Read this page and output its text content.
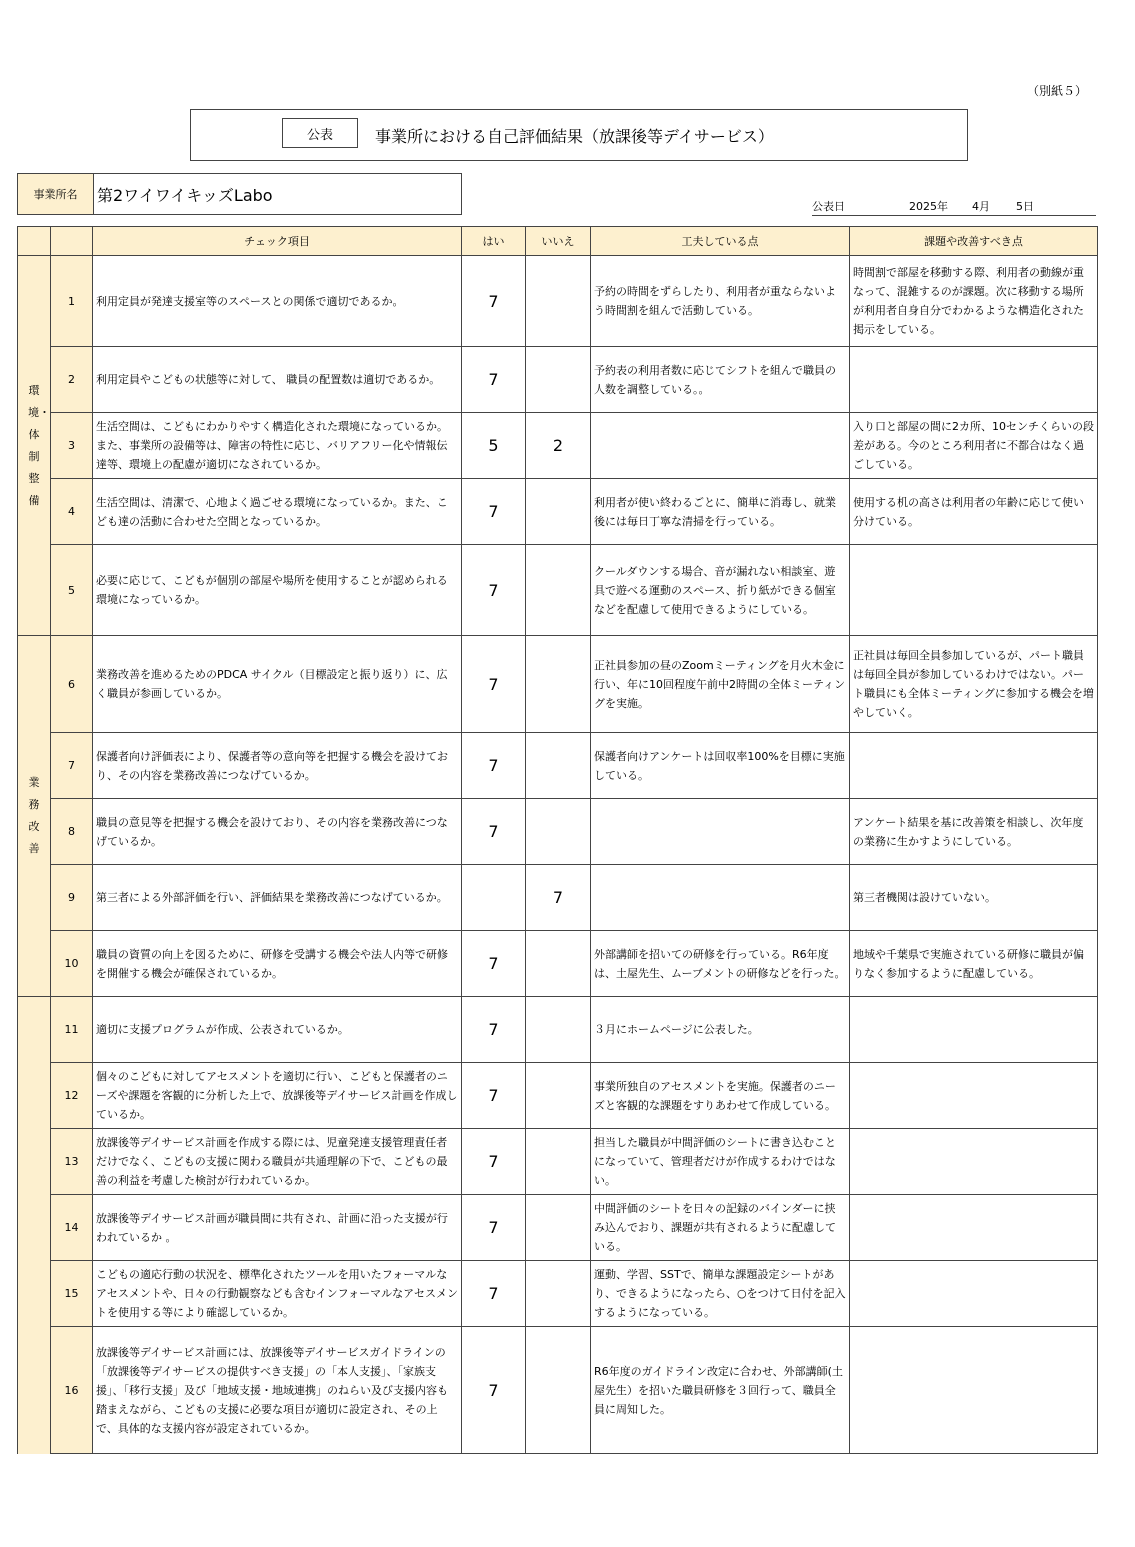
（別紙５）
公表	事業所における自己評価結果（放課後等デイサービス）
事業所名	第2ワイワイキッズLabo
公表日	2025年 4月 5日
		チェック項目	はい	いいえ	工夫している点	課題や改善すべき点
環境・体制整備	1	利用定員が発達支援室等のスペースとの関係で適切であるか。	7		予約の時間をずらしたり、利用者が重ならないよう時間割を組んで活動している。	時間割で部屋を移動する際、利用者の動線が重なって、混雑するのが課題。次に移動する場所が利用者自身自分でわかるような構造化された掲示をしている。
	2	利用定員やこどもの状態等に対して、 職員の配置数は適切であるか。	7		予約表の利用者数に応じてシフトを組んで職員の人数を調整している。。	
	3	生活空間は、こどもにわかりやすく構造化された環境になっているか。また、事業所の設備等は、障害の特性に応じ、バリアフリー化や情報伝達等、環境上の配慮が適切になされているか。	5	2		入り口と部屋の間に2カ所、10センチくらいの段差がある。今のところ利用者に不都合はなく過ごしている。
	4	生活空間は、清潔で、心地よく過ごせる環境になっているか。また、こども達の活動に合わせた空間となっているか。	7		利用者が使い終わるごとに、簡単に消毒し、就業後には毎日丁寧な清掃を行っている。	使用する机の高さは利用者の年齢に応じて使い分けている。
	5	必要に応じて、こどもが個別の部屋や場所を使用することが認められる環境になっているか。	7		クールダウンする場合、音が漏れない相談室、遊具で遊べる運動のスペース、折り紙ができる個室などを配慮して使用できるようにしている。	
業務改善	6	業務改善を進めるためのPDCA サイクル（目標設定と振り返り）に、広く職員が参画しているか。	7		正社員参加の昼のZoomミーティングを月火木金に行い、年に10回程度午前中2時間の全体ミーティングを実施。	正社員は毎回全員参加しているが、パート職員は毎回全員が参加しているわけではない。パート職員にも全体ミーティングに参加する機会を増やしていく。
	7	保護者向け評価表により、保護者等の意向等を把握する機会を設けており、その内容を業務改善につなげているか。	7		保護者向けアンケートは回収率100%を目標に実施している。	
	8	職員の意見等を把握する機会を設けており、その内容を業務改善につなげているか。	7			アンケート結果を基に改善策を相談し、次年度の業務に生かすようにしている。
	9	第三者による外部評価を行い、評価結果を業務改善につなげているか。		7		第三者機関は設けていない。
	10	職員の資質の向上を図るために、研修を受講する機会や法人内等で研修を開催する機会が確保されているか。	7		外部講師を招いての研修を行っている。R6年度は、土屋先生、ムーブメントの研修などを行った。	地域や千葉県で実施されている研修に職員が偏りなく参加するように配慮している。
	11	適切に支援プログラムが作成、公表されているか。	7		３月にホームページに公表した。	
	12	個々のこどもに対してアセスメントを適切に行い、こどもと保護者のニーズや課題を客観的に分析した上で、放課後等デイサービス計画を作成しているか。	7		事業所独自のアセスメントを実施。保護者のニーズと客観的な課題をすりあわせて作成している。	
	13	放課後等デイサービス計画を作成する際には、児童発達支援管理責任者だけでなく、こどもの支援に関わる職員が共通理解の下で、こどもの最善の利益を考慮した検討が行われているか。	7		担当した職員が中間評価のシートに書き込むことになっていて、管理者だけが作成するわけではない。	
	14	放課後等デイサービス計画が職員間に共有され、計画に沿った支援が行われているか 。	7		中間評価のシートを日々の記録のバインダーに挟み込んでおり、課題が共有されるように配慮している。	
	15	こどもの適応行動の状況を、標準化されたツールを用いたフォーマルなアセスメントや、日々の行動観察なども含むインフォーマルなアセスメントを使用する等により確認しているか。	7		運動、学習、SSTで、簡単な課題設定シートがあり、できるようになったら、○をつけて日付を記入するようになっている。	
	16	放課後等デイサービス計画には、放課後等デイサービスガイドラインの「放課後等デイサービスの提供すべき支援」の「本人支援」、「家族支援」、「移行支援」及び「地域支援・地域連携」のねらい及び支援内容も踏まえながら、こどもの支援に必要な項目が適切に設定され、その上で、具体的な支援内容が設定されているか。	7		R6年度のガイドライン改定に合わせ、外部講師(土屋先生）を招いた職員研修を３回行って、職員全員に周知した。	
